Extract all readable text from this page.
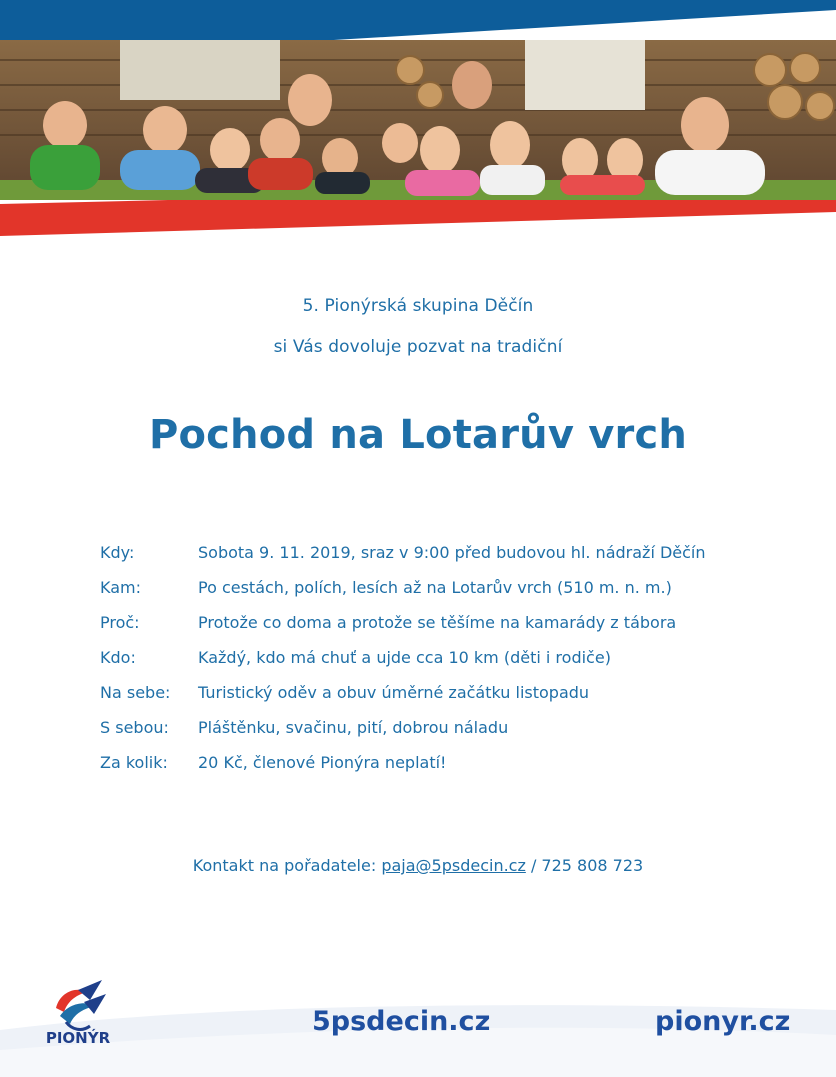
5. Pionýrská skupina Děčín
si Vás dovoluje pozvat na tradiční
Pochod na Lotarův vrch
Kdy:	Sobota 9. 11. 2019, sraz v 9:00 před budovou hl. nádraží Děčín
Kam:	Po cestách, polích, lesích až na Lotarův vrch (510 m. n. m.)
Proč:	Protože co doma a protože se těšíme na kamarády z tábora
Kdo:	Každý, kdo má chuť a ujde cca 10 km (děti i rodiče)
Na sebe: Turistický oděv a obuv úměrné začátku listopadu
S sebou: Pláštěnku, svačinu, pití, dobrou náladu
Za kolik: 20 Kč, členové Pionýra neplatí!
Kontakt na pořadatele: paja@5psdecin.cz / 725 808 723
PIONÝR
5psdecin.cz	pionyr.cz
